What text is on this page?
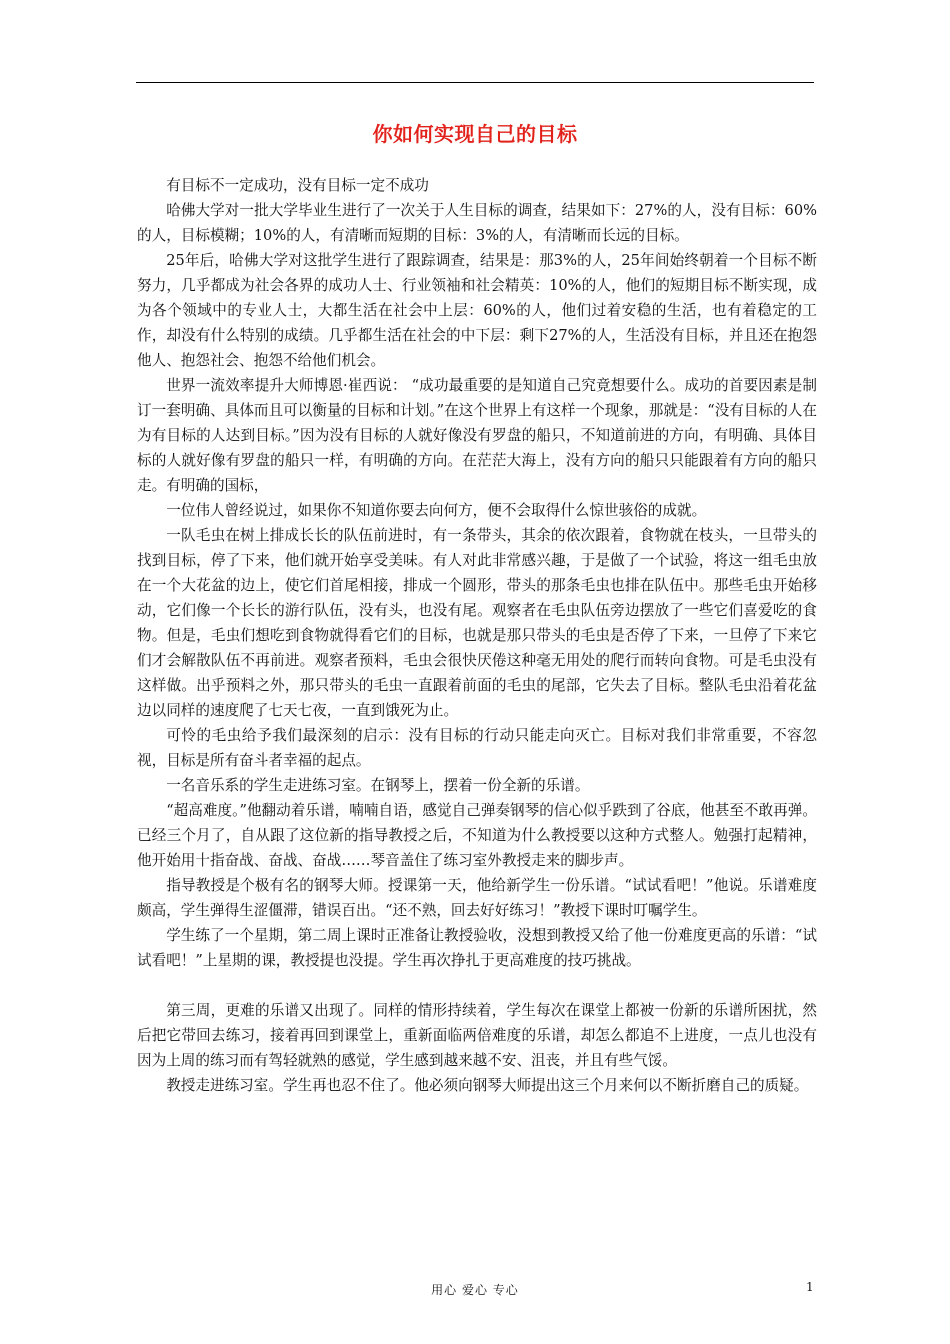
你如何实现自己的目标

有目标不一定成功，没有目标一定不成功

哈佛大学对一批大学毕业生进行了一次关于人生目标的调查，结果如下：27%的人，没有目标：60%的人，目标模糊；10%的人，有清晰而短期的目标：3%的人，有清晰而长远的目标。

25年后，哈佛大学对这批学生进行了跟踪调查，结果是：那3%的人，25年间始终朝着一个目标不断努力，几乎都成为社会各界的成功人士、行业领袖和社会精英：10%的人，他们的短期目标不断实现，成为各个领域中的专业人士，大都生活在社会中上层：60%的人，他们过着安稳的生活，也有着稳定的工作，却没有什么特别的成绩。几乎都生活在社会的中下层：剩下27%的人，生活没有目标，并且还在抱怨他人、抱怨社会、抱怨不给他们机会。

世界一流效率提升大师博恩·崔西说： “成功最重要的是知道自己究竟想要什么。成功的首要因素是制订一套明确、具体而且可以衡量的目标和计划。”在这个世界上有这样一个现象，那就是：“没有目标的人在为有目标的人达到目标。”因为没有目标的人就好像没有罗盘的船只，不知道前进的方向，有明确、具体目标的人就好像有罗盘的船只一样，有明确的方向。在茫茫大海上，没有方向的船只只能跟着有方向的船只走。有明确的国标，

一位伟人曾经说过，如果你不知道你要去向何方，便不会取得什么惊世骇俗的成就。

一队毛虫在树上排成长长的队伍前进时，有一条带头，其余的依次跟着，食物就在枝头，一旦带头的找到目标，停了下来，他们就开始享受美味。有人对此非常感兴趣，于是做了一个试验，将这一组毛虫放在一个大花盆的边上，使它们首尾相接，排成一个圆形，带头的那条毛虫也排在队伍中。那些毛虫开始移动，它们像一个长长的游行队伍，没有头，也没有尾。观察者在毛虫队伍旁边摆放了一些它们喜爱吃的食物。但是，毛虫们想吃到食物就得看它们的目标，也就是那只带头的毛虫是否停了下来，一旦停了下来它们才会解散队伍不再前进。观察者预料，毛虫会很快厌倦这种毫无用处的爬行而转向食物。可是毛虫没有这样做。出乎预料之外，那只带头的毛虫一直跟着前面的毛虫的尾部，它失去了目标。整队毛虫沿着花盆边以同样的速度爬了七天七夜，一直到饿死为止。

可怜的毛虫给予我们最深刻的启示：没有目标的行动只能走向灭亡。目标对我们非常重要，不容忽视，目标是所有奋斗者幸福的起点。

一名音乐系的学生走进练习室。在钢琴上，摆着一份全新的乐谱。

“超高难度。”他翻动着乐谱，喃喃自语，感觉自己弹奏钢琴的信心似乎跌到了谷底，他甚至不敢再弹。已经三个月了，自从跟了这位新的指导教授之后，不知道为什么教授要以这种方式整人。勉强打起精神，他开始用十指奋战、奋战、奋战……琴音盖住了练习室外教授走来的脚步声。

指导教授是个极有名的钢琴大师。授课第一天，他给新学生一份乐谱。“试试看吧！”他说。乐谱难度颇高，学生弹得生涩僵滞，错误百出。“还不熟，回去好好练习！”教授下课时叮嘱学生。

学生练了一个星期，第二周上课时正准备让教授验收，没想到教授又给了他一份难度更高的乐谱：“试试看吧！”上星期的课，教授提也没提。学生再次挣扎于更高难度的技巧挑战。

第三周，更难的乐谱又出现了。同样的情形持续着，学生每次在课堂上都被一份新的乐谱所困扰，然后把它带回去练习，接着再回到课堂上，重新面临两倍难度的乐谱，却怎么都追不上进度，一点儿也没有因为上周的练习而有驾轻就熟的感觉，学生感到越来越不安、沮丧，并且有些气馁。

教授走进练习室。学生再也忍不住了。他必须向钢琴大师提出这三个月来何以不断折磨自己的质疑。

用心 爱心 专心	1
